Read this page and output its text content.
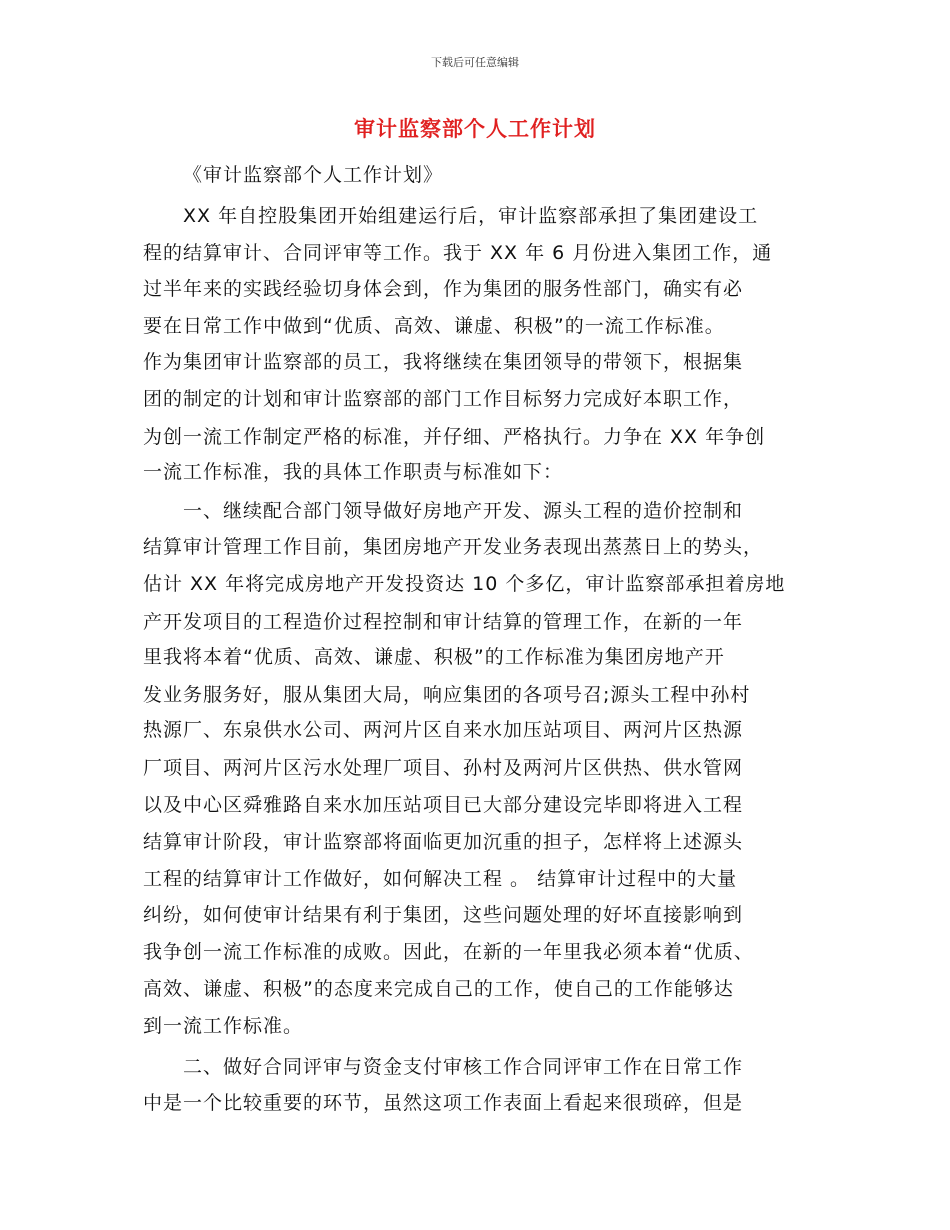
下载后可任意编辑
审计监察部个人工作计划
《审计监察部个人工作计划》
XX 年自控股集团开始组建运行后，审计监察部承担了集团建设工
程的结算审计、合同评审等工作。我于 XX 年 6 月份进入集团工作，通
过半年来的实践经验切身体会到，作为集团的服务性部门，确实有必
要在日常工作中做到“优质、高效、谦虚、积极”的一流工作标准。
作为集团审计监察部的员工，我将继续在集团领导的带领下，根据集
团的制定的计划和审计监察部的部门工作目标努力完成好本职工作，
为创一流工作制定严格的标准，并仔细、严格执行。力争在 XX 年争创
一流工作标准，我的具体工作职责与标准如下：
一、继续配合部门领导做好房地产开发、源头工程的造价控制和
结算审计管理工作目前，集团房地产开发业务表现出蒸蒸日上的势头，
估计 XX 年将完成房地产开发投资达 10 个多亿，审计监察部承担着房地
产开发项目的工程造价过程控制和审计结算的管理工作，在新的一年
里我将本着“优质、高效、谦虚、积极”的工作标准为集团房地产开
发业务服务好，服从集团大局，响应集团的各项号召;源头工程中孙村
热源厂、东泉供水公司、两河片区自来水加压站项目、两河片区热源
厂项目、两河片区污水处理厂项目、孙村及两河片区供热、供水管网
以及中心区舜雅路自来水加压站项目已大部分建设完毕即将进入工程
结算审计阶段，审计监察部将面临更加沉重的担子，怎样将上述源头
工程的结算审计工作做好，如何解决工程 。 结算审计过程中的大量
纠纷，如何使审计结果有利于集团，这些问题处理的好坏直接影响到
我争创一流工作标准的成败。因此，在新的一年里我必须本着“优质、
高效、谦虚、积极”的态度来完成自己的工作，使自己的工作能够达
到一流工作标准。
二、做好合同评审与资金支付审核工作合同评审工作在日常工作
中是一个比较重要的环节，虽然这项工作表面上看起来很琐碎，但是
